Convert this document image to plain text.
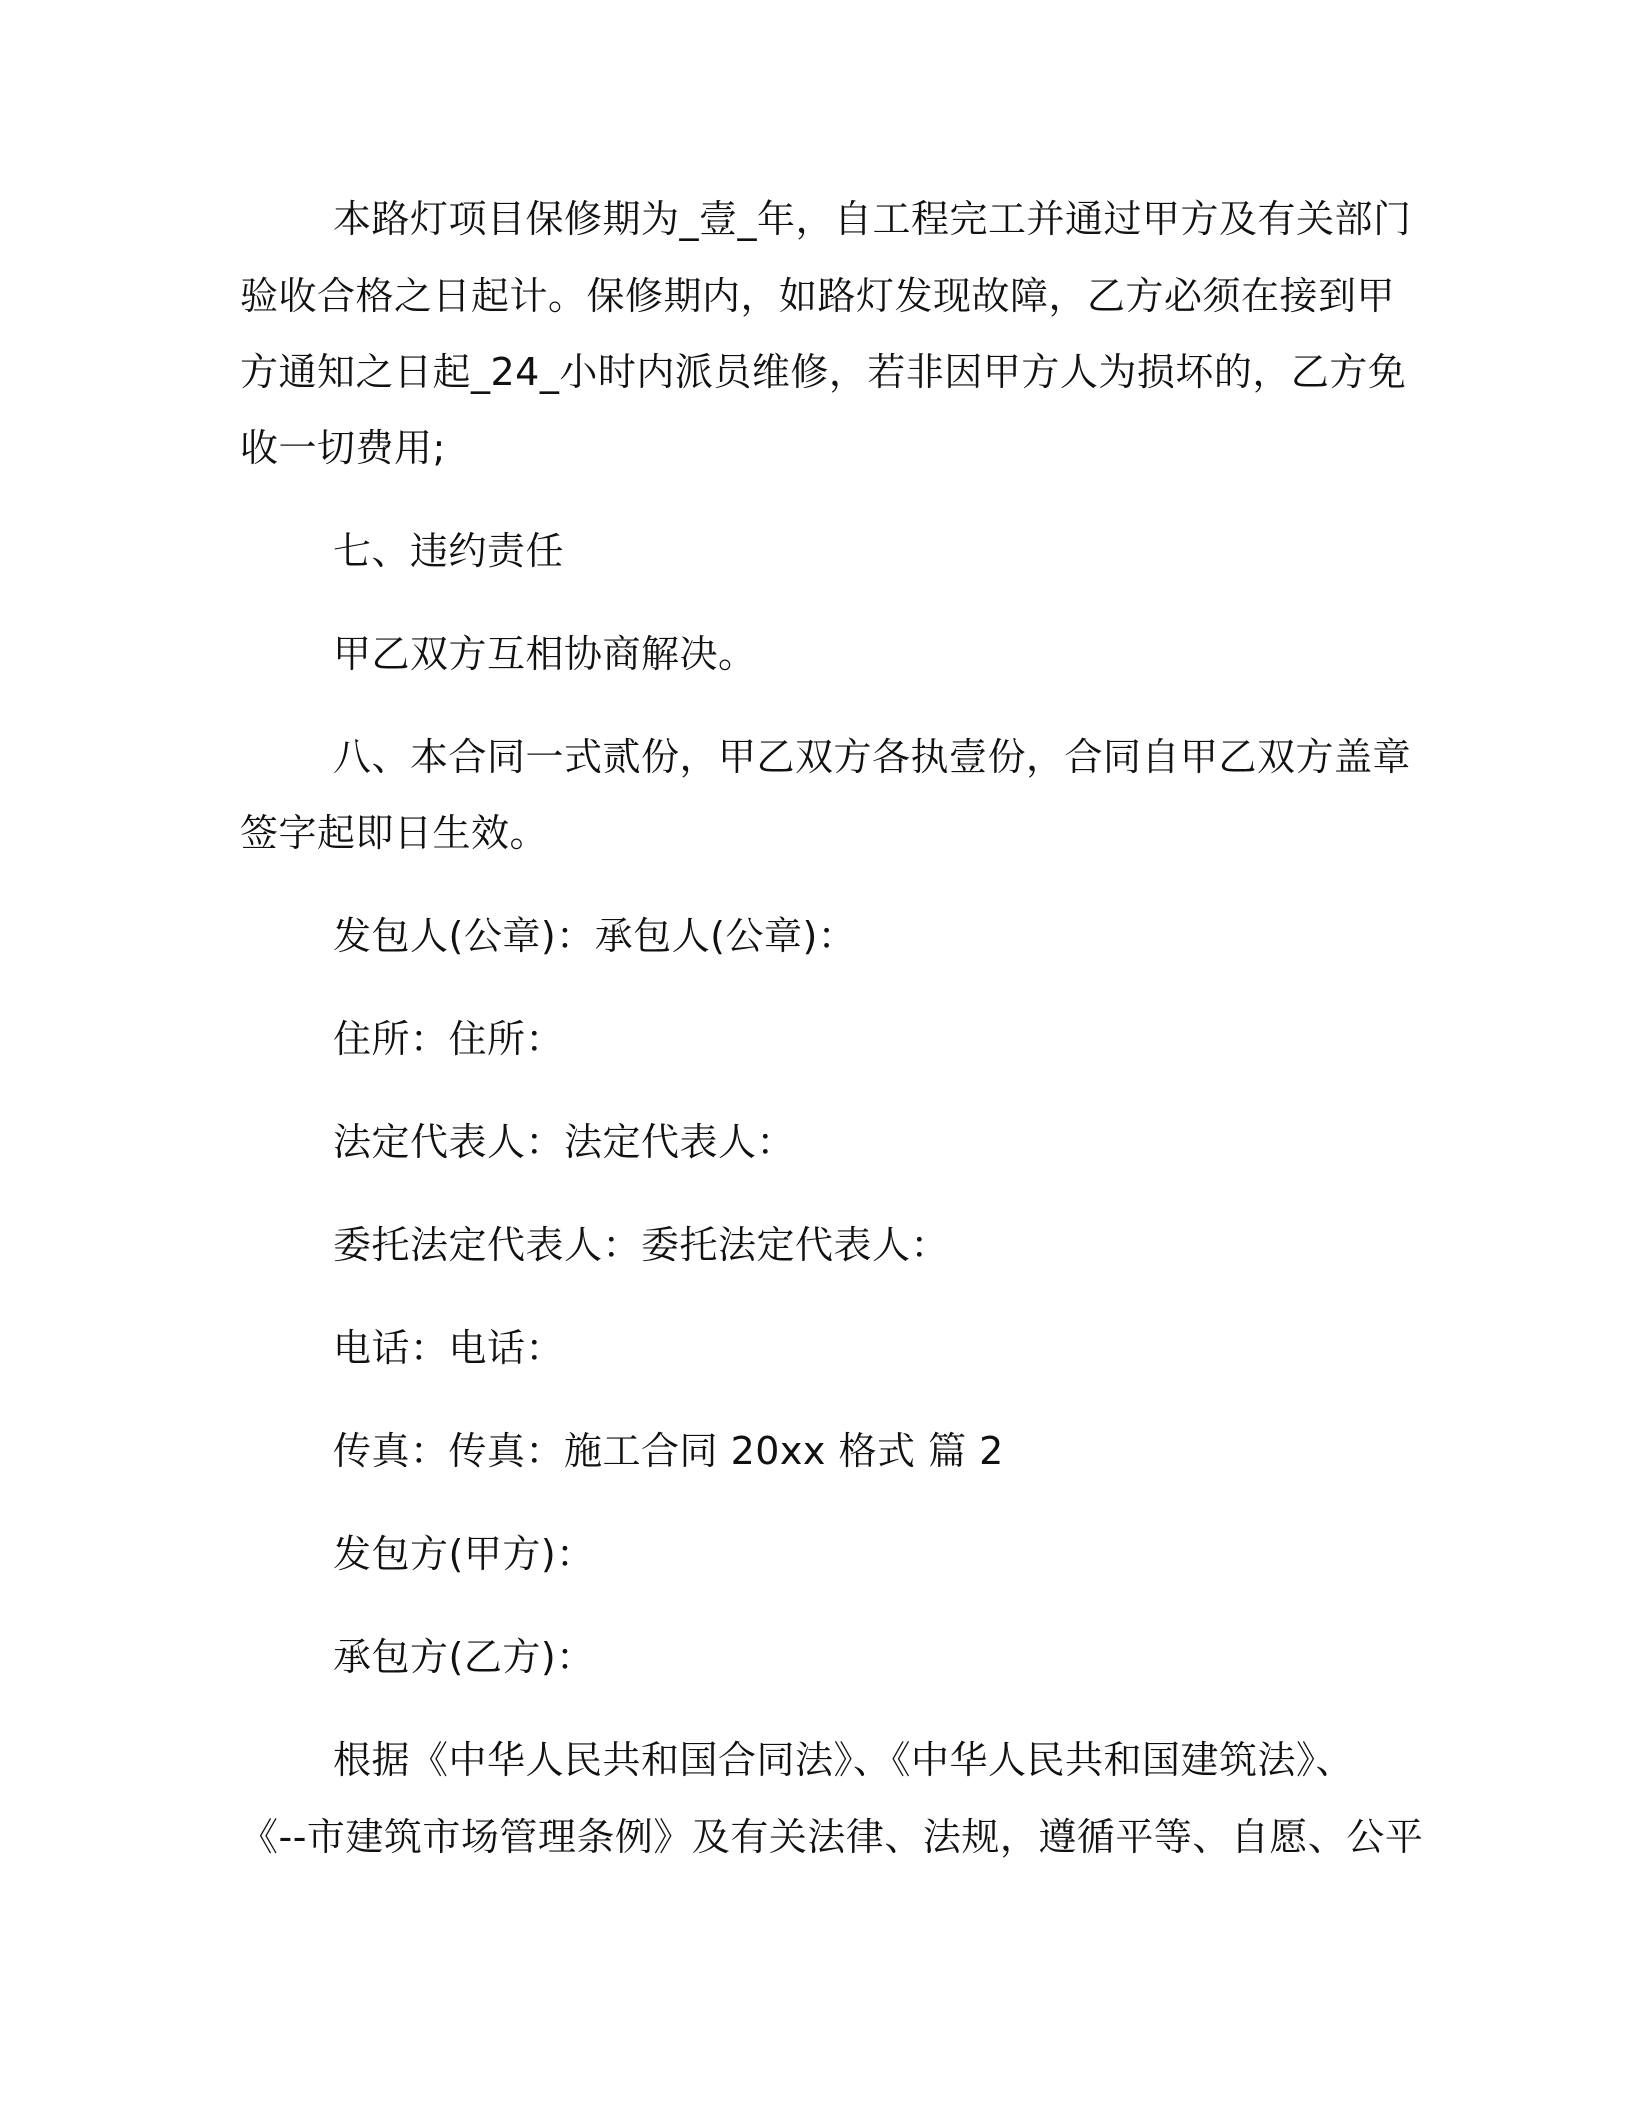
本路灯项目保修期为_壹_年，自工程完工并通过甲方及有关部门
验收合格之日起计。保修期内，如路灯发现故障，乙方必须在接到甲
方通知之日起_24_小时内派员维修，若非因甲方人为损坏的，乙方免
收一切费用;
七、违约责任
甲乙双方互相协商解决。
八、本合同一式贰份，甲乙双方各执壹份，合同自甲乙双方盖章
签字起即日生效。
发包人(公章)：承包人(公章)：
住所：住所：
法定代表人：法定代表人：
委托法定代表人：委托法定代表人：
电话：电话：
传真：传真：施工合同 20xx 格式 篇 2
发包方(甲方)：
承包方(乙方)：
根据《中华人民共和国合同法》、《中华人民共和国建筑法》、
《--市建筑市场管理条例》及有关法律、法规，遵循平等、自愿、公平
